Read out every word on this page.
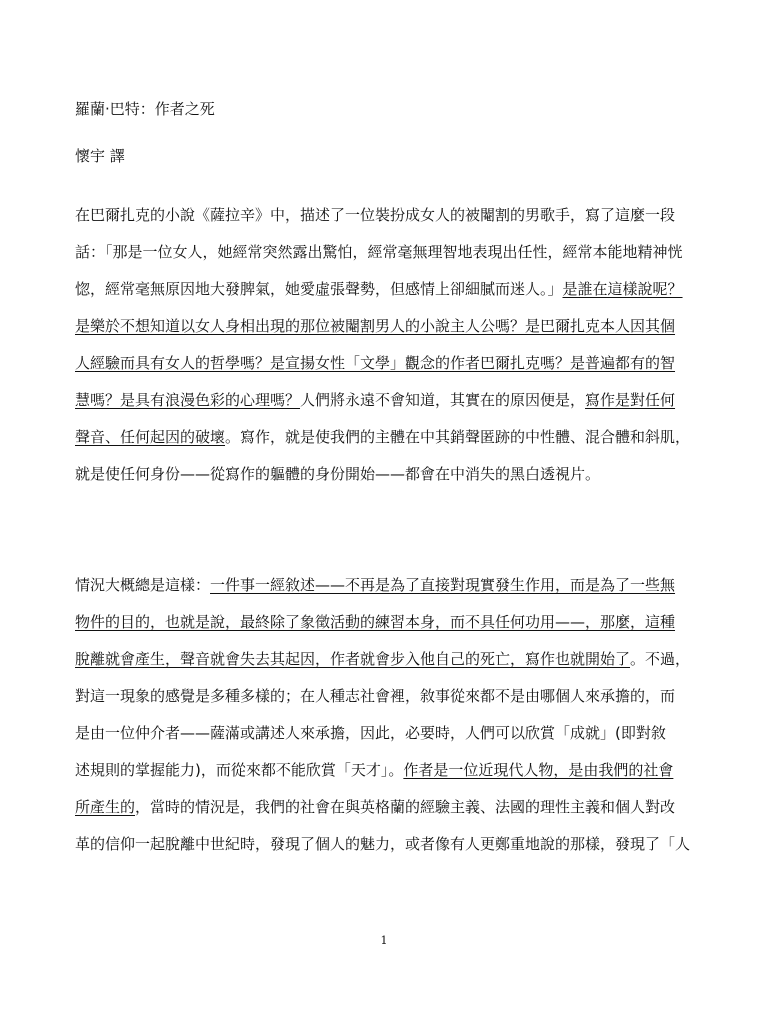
羅蘭·巴特：作者之死
懷宇 譯
在巴爾扎克的小說《薩拉辛》中，描述了一位裝扮成女人的被閹割的男歌手，寫了這麼一段
話：「那是一位女人，她經常突然露出驚怕，經常毫無理智地表現出任性，經常本能地精神恍
惚，經常毫無原因地大發脾氣，她愛虛張聲勢，但感情上卻細膩而迷人。」是誰在這樣說呢？
是樂於不想知道以女人身相出現的那位被閹割男人的小說主人公嗎？是巴爾扎克本人因其個
人經驗而具有女人的哲學嗎？是宣揚女性「文學」觀念的作者巴爾扎克嗎？是普遍都有的智
慧嗎？是具有浪漫色彩的心理嗎？人們將永遠不會知道，其實在的原因便是，寫作是對任何
聲音、任何起因的破壞。寫作，就是使我們的主體在中其銷聲匿跡的中性體、混合體和斜肌，
就是使任何身份——從寫作的軀體的身份開始——都會在中消失的黑白透視片。
情況大概總是這樣：一件事一經敘述——不再是為了直接對現實發生作用，而是為了一些無
物件的目的，也就是說，最終除了象徵活動的練習本身，而不具任何功用——，那麼，這種
脫離就會產生，聲音就會失去其起因，作者就會步入他自己的死亡，寫作也就開始了。不過，
對這一現象的感覺是多種多樣的；在人種志社會裡，敘事從來都不是由哪個人來承擔的，而
是由一位仲介者——薩滿或講述人來承擔，因此，必要時，人們可以欣賞「成就」(即對敘
述規則的掌握能力)，而從來都不能欣賞「天才」。作者是一位近現代人物，是由我們的社會
所產生的，當時的情況是，我們的社會在與英格蘭的經驗主義、法國的理性主義和個人對改
革的信仰一起脫離中世紀時，發現了個人的魅力，或者像有人更鄭重地說的那樣，發現了「人
1
